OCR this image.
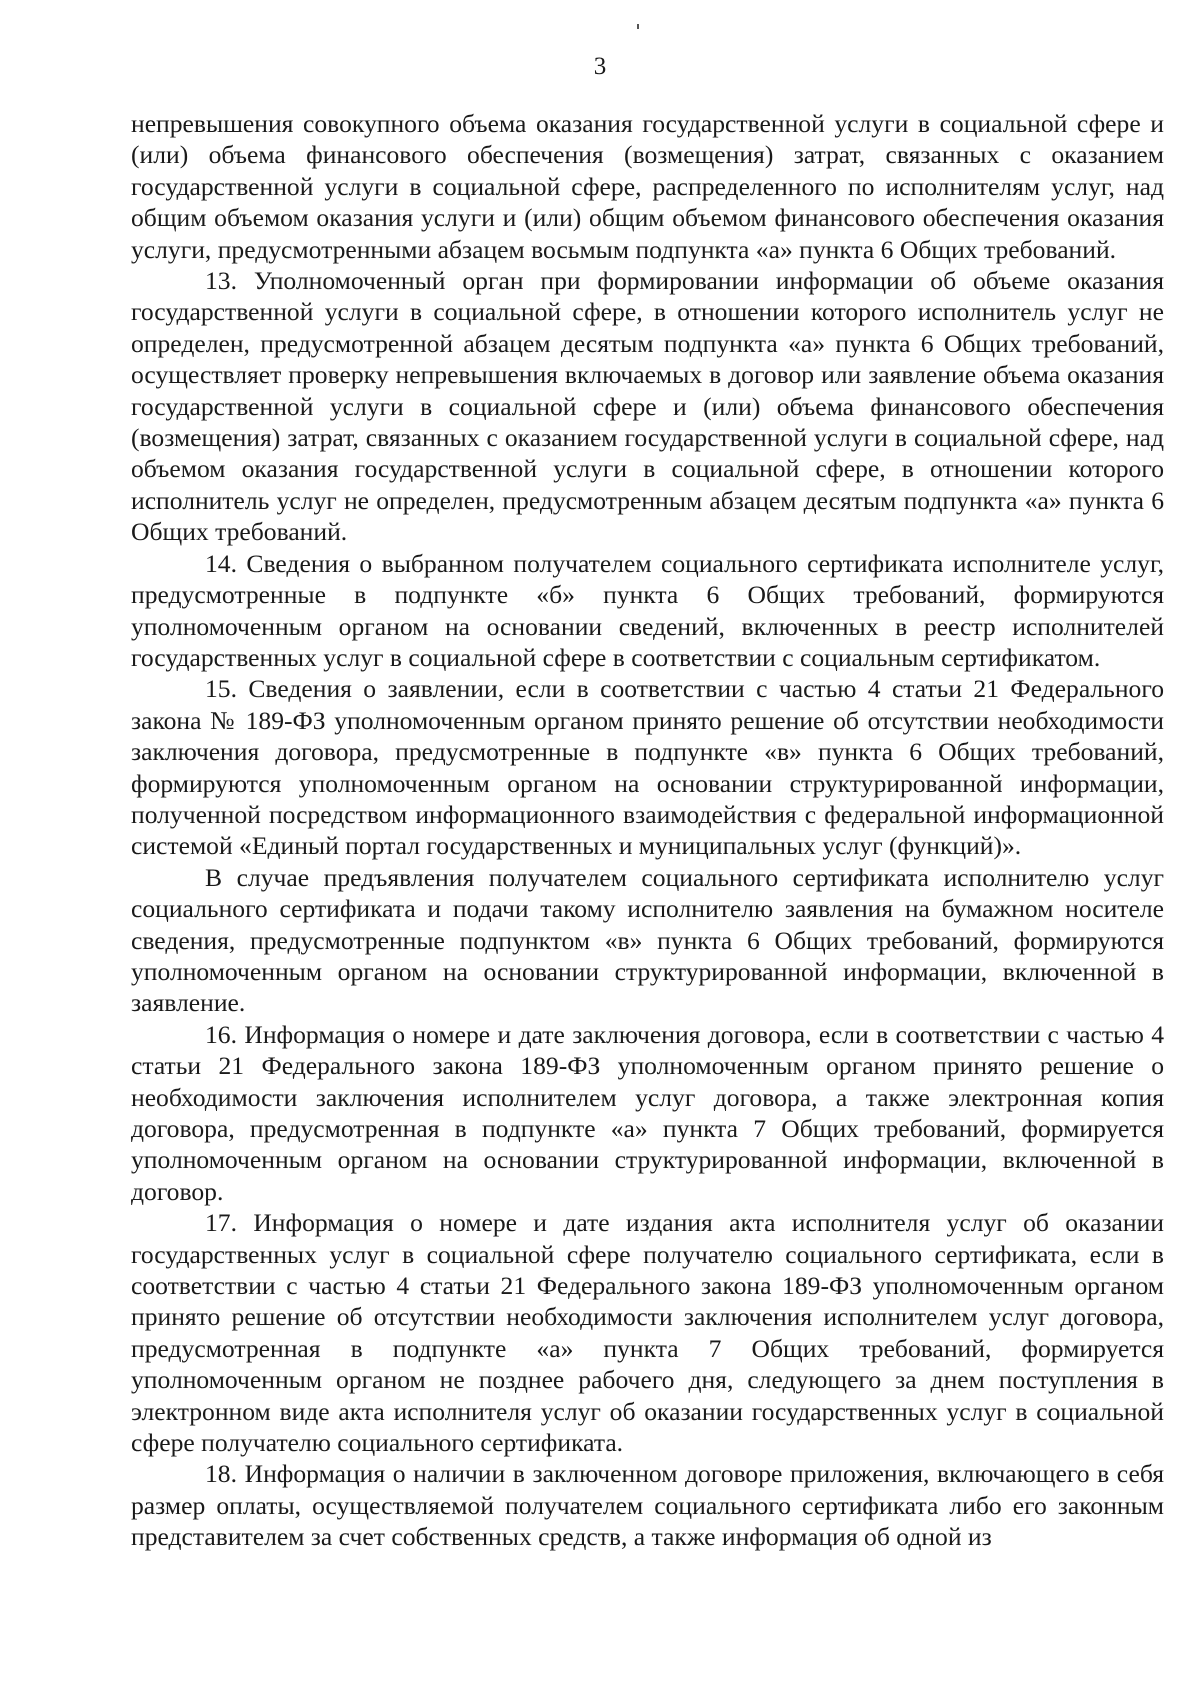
3

непревышения совокупного объема оказания государственной услуги в социальной сфере и (или) объема финансового обеспечения (возмещения) затрат, связанных с оказанием государственной услуги в социальной сфере, распределенного по исполнителям услуг, над общим объемом оказания услуги и (или) общим объемом финансового обеспечения оказания услуги, предусмотренными абзацем восьмым подпункта «а» пункта 6 Общих требований.

13. Уполномоченный орган при формировании информации об объеме оказания государственной услуги в социальной сфере, в отношении которого исполнитель услуг не определен, предусмотренной абзацем десятым подпункта «а» пункта 6 Общих требований, осуществляет проверку непревышения включаемых в договор или заявление объема оказания государственной услуги в социальной сфере и (или) объема финансового обеспечения (возмещения) затрат, связанных с оказанием государственной услуги в социальной сфере, над объемом оказания государственной услуги в социальной сфере, в отношении которого исполнитель услуг не определен, предусмотренным абзацем десятым подпункта «а» пункта 6 Общих требований.

14. Сведения о выбранном получателем социального сертификата исполнителе услуг, предусмотренные в подпункте «б» пункта 6 Общих требований, формируются уполномоченным органом на основании сведений, включенных в реестр исполнителей государственных услуг в социальной сфере в соответствии с социальным сертификатом.

15. Сведения о заявлении, если в соответствии с частью 4 статьи 21 Федерального закона № 189-ФЗ уполномоченным органом принято решение об отсутствии необходимости заключения договора, предусмотренные в подпункте «в» пункта 6 Общих требований, формируются уполномоченным органом на основании структурированной информации, полученной посредством информационного взаимодействия с федеральной информационной системой «Единый портал государственных и муниципальных услуг (функций)».

В случае предъявления получателем социального сертификата исполнителю услуг социального сертификата и подачи такому исполнителю заявления на бумажном носителе сведения, предусмотренные подпунктом «в» пункта 6 Общих требований, формируются уполномоченным органом на основании структурированной информации, включенной в заявление.

16. Информация о номере и дате заключения договора, если в соответствии с частью 4 статьи 21 Федерального закона 189-ФЗ уполномоченным органом принято решение о необходимости заключения исполнителем услуг договора, а также электронная копия договора, предусмотренная в подпункте «а» пункта 7 Общих требований, формируется уполномоченным органом на основании структурированной информации, включенной в договор.

17. Информация о номере и дате издания акта исполнителя услуг об оказании государственных услуг в социальной сфере получателю социального сертификата, если в соответствии с частью 4 статьи 21 Федерального закона 189-ФЗ уполномоченным органом принято решение об отсутствии необходимости заключения исполнителем услуг договора, предусмотренная в подпункте «а» пункта 7 Общих требований, формируется уполномоченным органом не позднее рабочего дня, следующего за днем поступления в электронном виде акта исполнителя услуг об оказании государственных услуг в социальной сфере получателю социального сертификата.

18. Информация о наличии в заключенном договоре приложения, включающего в себя размер оплаты, осуществляемой получателем социального сертификата либо его законным представителем за счет собственных средств, а также информация об одной из
